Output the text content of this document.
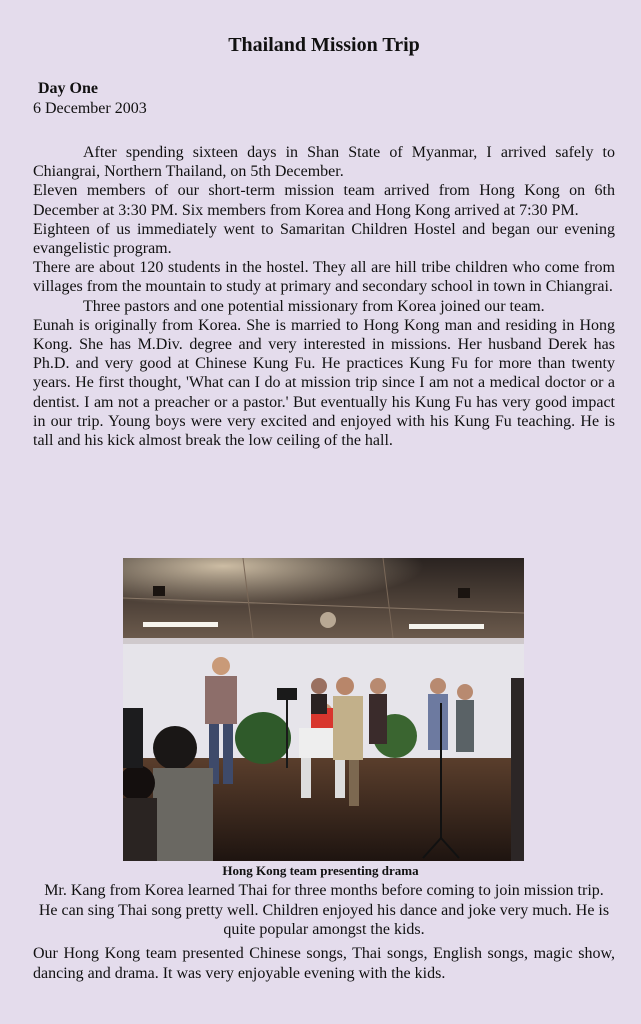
Thailand Mission Trip
Day One
6 December 2003

After spending sixteen days in Shan State of Myanmar, I arrived safely to Chiangrai, Northern Thailand, on 5th December.

Eleven members of our short-term mission team arrived from Hong Kong on 6th December at 3:30 PM. Six members from Korea and Hong Kong arrived at 7:30 PM.

Eighteen of us immediately went to Samaritan Children Hostel and began our evening evangelistic program.

There are about 120 students in the hostel. They all are hill tribe children who come from villages from the mountain to study at primary and secondary school in town in Chiangrai.

Three pastors and one potential missionary from Korea joined our team.

Eunah is originally from Korea. She is married to Hong Kong man and residing in Hong Kong. She has M.Div. degree and very interested in missions. Her husband Derek has Ph.D. and very good at Chinese Kung Fu. He practices Kung Fu for more than twenty years. He first thought, 'What can I do at mission trip since I am not a medical doctor or a dentist. I am not a preacher or a pastor.' But eventually his Kung Fu has very good impact in our trip. Young boys were very excited and enjoyed with his Kung Fu teaching. He is tall and his kick almost break the low ceiling of the hall.

Hong Kong team presenting drama

Mr. Kang from Korea learned Thai for three months before coming to join mission trip. He can sing Thai song pretty well. Children enjoyed his dance and joke very much. He is quite popular amongst the kids.

Our Hong Kong team presented Chinese songs, Thai songs, English songs, magic show, dancing and drama. It was very enjoyable evening with the kids.
